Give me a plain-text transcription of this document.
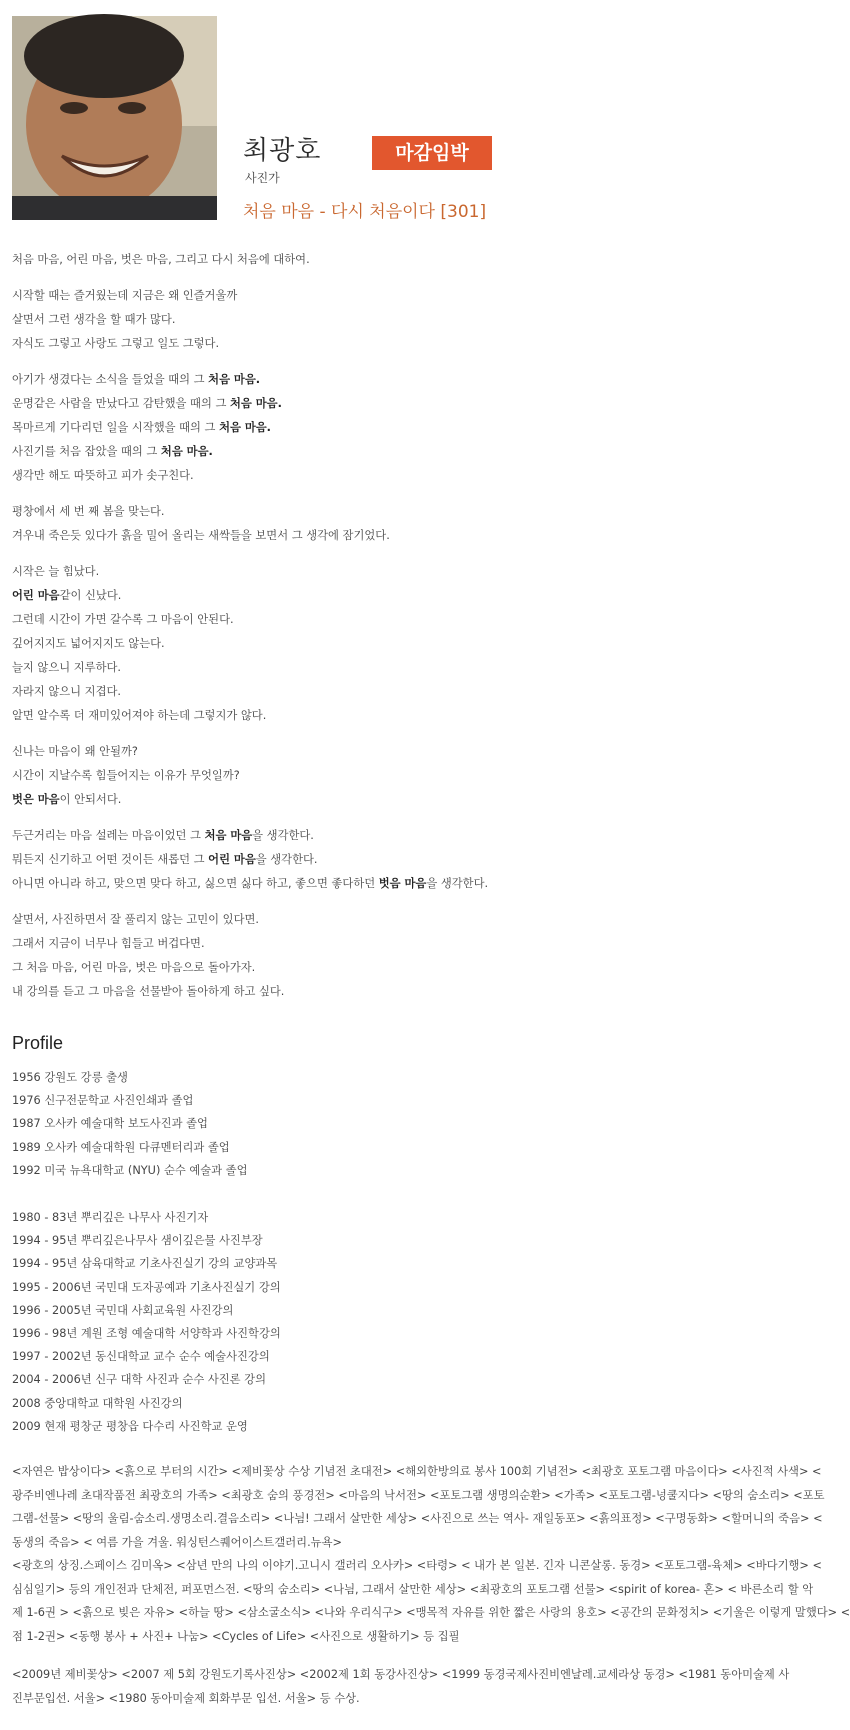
최광호
사진가
마감임박
처음 마음 - 다시 처음이다 [301]
처음 마음, 어린 마음, 벗은 마음, 그리고 다시 처음에 대하여.
시작할 때는 즐거웠는데 지금은 왜 인즐거울까
살면서 그런 생각을 할 때가 많다.
자식도 그렇고 사랑도 그렇고 일도 그렇다.
아기가 생겼다는 소식을 들었을 때의 그 처음 마음.
운명같은 사람을 만났다고 감탄했을 때의 그 처음 마음.
목마르게 기다리던 일을 시작했을 때의 그 처음 마음.
사진기를 처음 잡았을 때의 그 처음 마음.
생각만 해도 따뜻하고 피가 솟구친다.
평창에서 세 번 째 봄을 맞는다.
겨우내 죽은듯 있다가 흙을 밀어 올리는 새싹들을 보면서 그 생각에 잠기었다.
시작은 늘 힘났다.
어린 마음같이 신났다.
그런데 시간이 가면 갈수록 그 마음이 안된다.
깊어지지도 넓어지지도 않는다.
늘지 않으니 지루하다.
자라지 않으니 지겹다.
알면 알수록 더 재미있어져야 하는데 그렇지가 않다.
신나는 마음이 왜 안될까?
시간이 지날수록 힘들어지는 이유가 무엇일까?
벗은 마음이 안되서다.
두근거리는 마음 설레는 마음이었던 그 처음 마음을 생각한다.
뭐든지 신기하고 어떤 것이든 새롭던 그 어린 마음을 생각한다.
아니면 아니라 하고, 맞으면 맞다 하고, 싫으면 싫다 하고, 좋으면 좋다하던 벗음 마음을 생각한다.
살면서, 사진하면서 잘 풀리지 않는 고민이 있다면.
그래서 지금이 너무나 힘들고 버겁다면.
그 처음 마음, 어린 마음, 벗은 마음으로 돌아가자.
내 강의를 듣고 그 마음을 선물받아 돌아하게 하고 싶다.
Profile
1956 강원도 강릉 출생
1976 신구전문학교 사진인쇄과 졸업
1987 오사카 예술대학 보도사진과 졸업
1989 오사카 예술대학원 다큐멘터리과 졸업
1992 미국 뉴욕대학교 (NYU) 순수 예술과 졸업
1980 - 83년 뿌리깊은 나무사 사진기자
1994 - 95년 뿌리깊은나무사 샘이깊은물 사진부장
1994 - 95년 삼육대학교 기초사진실기 강의 교양과목
1995 - 2006년 국민대 도자공예과 기초사진실기 강의
1996 - 2005년 국민대 사회교육원 사진강의
1996 - 98년 계원 조형 예술대학 서양학과 사진학강의
1997 - 2002년 동신대학교 교수 순수 예술사진강의
2004 - 2006년 신구 대학 사진과 순수 사진론 강의
2008 중앙대학교 대학원 사진강의
2009 현재 평창군 평창읍 다수리 사진학교 운영
<자연은 밥상이다> <흙으로 부터의 시간> <제비꽃상 수상 기념전 초대전> <해외한방의료 봉사 100회 기념전> <최광호 포토그램 마음이다> <사진적 사색> <
광주비엔나레 초대작품전 최광호의 가족> <최광호 숨의 풍경전> <마음의 낙서전> <포토그램 생명의순환> <가족> <포토그램-넝쿨지다> <땅의 숨소리> <포토
그램-선물> <땅의 울림-숨소리.생명소리.결음소리> <나늼! 그래서 살만한 세상> <사진으로 쓰는 역사- 재일동포> <흙의표정> <구명동화> <할머니의 죽음> <
동생의 죽음> < 여름 가을 겨울. 워싱턴스퀘어이스트갤러리.뉴욕>
<광호의 상징.스페이스 김미옥> <삼년 만의 나의 이야기.고니시 갤러리 오사카> <타령> < 내가 본 일본. 긴자 니콘살롱. 동경> <포토그램-육체> <바다기행> <
심심일기> 등의 개인전과 단체전, 퍼포먼스전. <땅의 숨소리> <나늼, 그래서 살만한 세상> <최광호의 포토그램 선물> <spirit of korea- 혼> < 바른소리 할 악
제 1-6권 > <흙으로 빚은 자유> <하늘 땅> <삼소굴소식> <나와 우리식구> <맹목적 자유를 위한 짧은 사랑의 용호> <공간의 문화정치> <기울은 이렇게 말했다> <
점 1-2권> <동행 봉사 + 사진+ 나눔> <Cycles of Life> <사진으로 생활하기> 등 집필
<2009년 제비꽃상> <2007 제 5회 강원도기록사진상> <2002제 1회 동강사진상> <1999 동경국제사진비엔날레.교세라상 동경> <1981 동아미술제 사
진부문입선. 서울> <1980 동아미술제 회화부문 입선. 서울> 등 수상.
